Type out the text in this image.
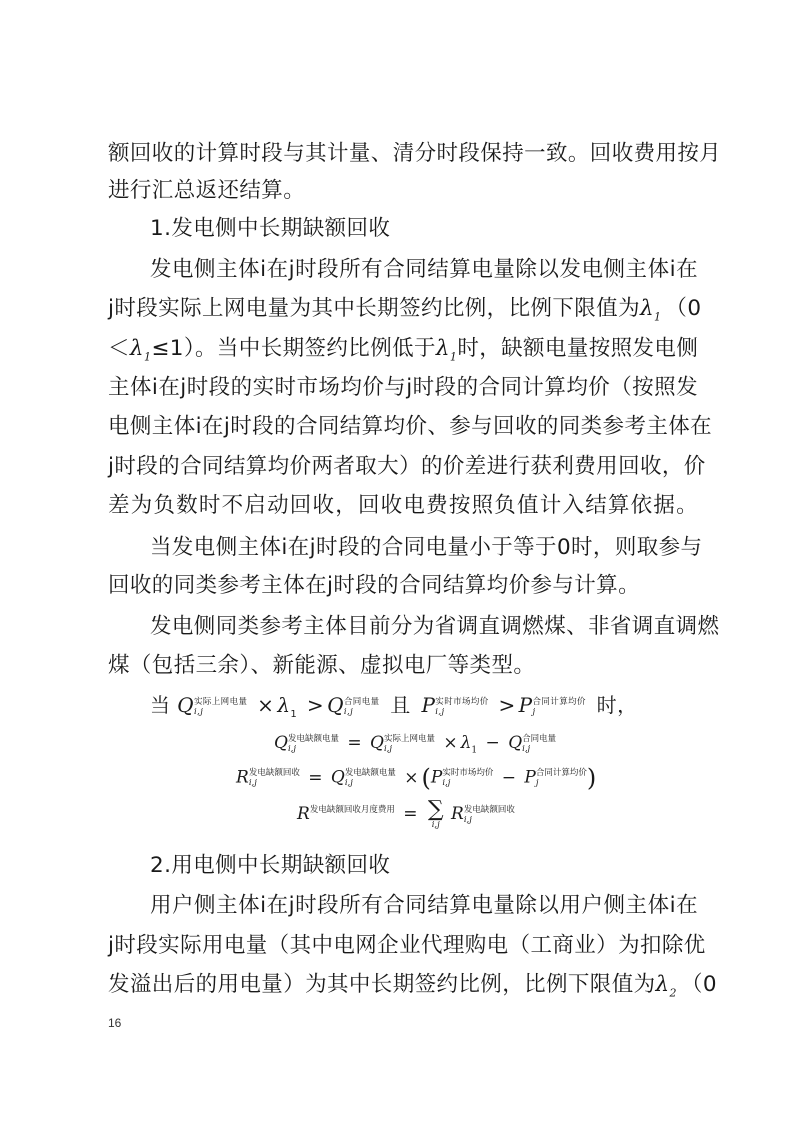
额回收的计算时段与其计量、清分时段保持一致。回收费用按月
进行汇总返还结算。
1.发电侧中长期缺额回收
发电侧主体i在j时段所有合同结算电量除以发电侧主体i在
j时段实际上网电量为其中长期签约比例，比例下限值为$\lambda_1$ （0
$<\lambda_1\le 1$）。当中长期签约比例低于$\lambda_1$时，缺额电量按照发电侧
主体i在j时段的实时市场均价与j时段的合同计算均价（按照发
电侧主体i在j时段的合同结算均价、参与回收的同类参考主体在
j时段的合同结算均价两者取大）的价差进行获利费用回收，价
差为负数时不启动回收，回收电费按照负值计入结算依据。
当发电侧主体i在j时段的合同电量小于等于0时，则取参与
回收的同类参考主体在j时段的合同结算均价参与计算。
发电侧同类参考主体目前分为省调直调燃煤、非省调直调燃
煤（包括三余）、新能源、虚拟电厂等类型。
当 Q 实际上网电量
i,j	× $\lambda_1 > Q$ 合同电量
i,j	且 P 实时市场均价
i,j	> P 合同计算均价
j	时，
Q 发电缺额电量
i,j	= Q 实际上网电量
i,j	× $\lambda_1 - Q$ 合同电量
i,j
R 发电缺额回收
i,j	= Q 发电缺额电量
i,j	× (P 实时市场均价
i,j	− P 合同计算均价
j	)
R 发电缺额回收月度费用 = ∑
i,j
R 发电缺额回收
i,j
2.用电侧中长期缺额回收
用户侧主体i在j时段所有合同结算电量除以用户侧主体i在
j时段实际用电量（其中电网企业代理购电（工商业）为扣除优
发溢出后的用电量）为其中长期签约比例，比例下限值为$\lambda_2$ （0
16
